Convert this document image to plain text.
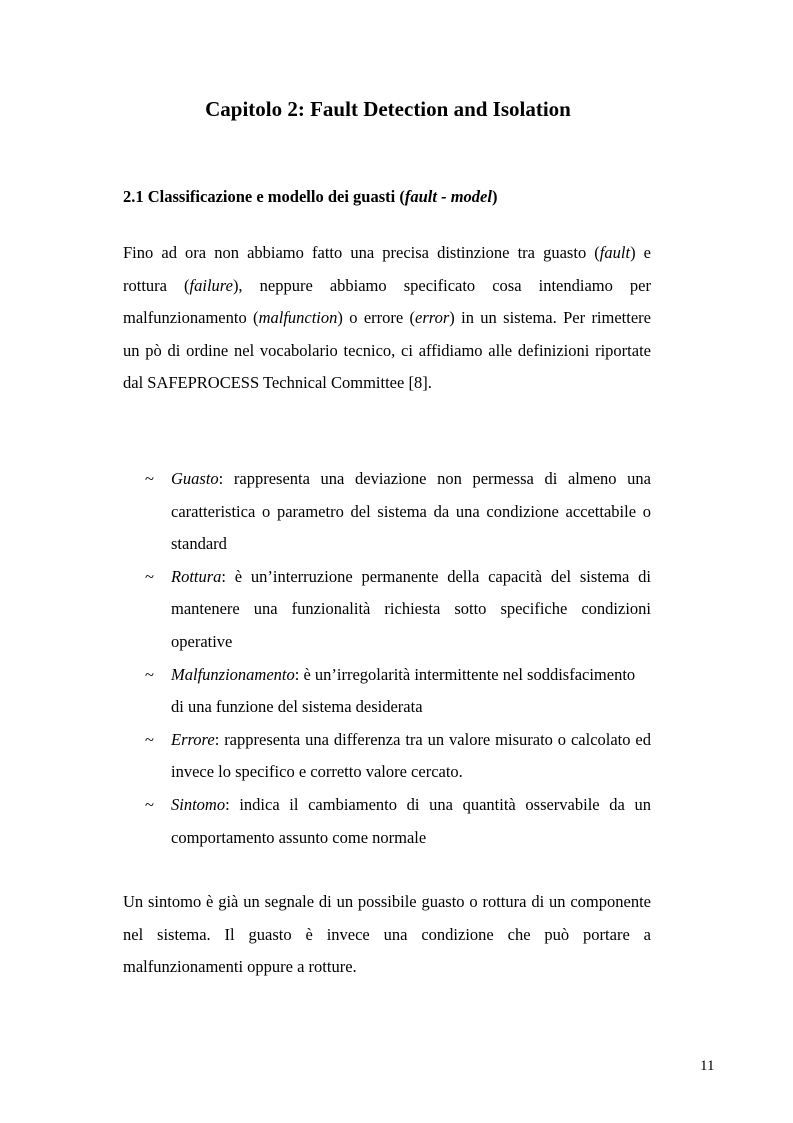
Capitolo 2: Fault Detection and Isolation
2.1 Classificazione e modello dei guasti (fault - model)

Fino ad ora non abbiamo fatto una precisa distinzione tra guasto (fault) e rottura (failure), neppure abbiamo specificato cosa intendiamo per malfunzionamento (malfunction) o errore (error) in un sistema. Per rimettere un pò di ordine nel vocabolario tecnico, ci affidiamo alle definizioni riportate dal SAFEPROCESS Technical Committee [8].

~	Guasto: rappresenta una deviazione non permessa di almeno una caratteristica o parametro del sistema da una condizione accettabile o standard
~	Rottura: è un’interruzione permanente della capacità del sistema di mantenere una funzionalità richiesta sotto specifiche condizioni operative
~	Malfunzionamento: è un’irregolarità intermittente nel soddisfacimento di una funzione del sistema desiderata
~	Errore: rappresenta una differenza tra un valore misurato o calcolato ed invece lo specifico e corretto valore cercato.
~	Sintomo: indica il cambiamento di una quantità osservabile da un comportamento assunto come normale

Un sintomo è già un segnale di un possibile guasto o rottura di un componente nel sistema. Il guasto è invece una condizione che può portare a malfunzionamenti oppure a rotture.

11
